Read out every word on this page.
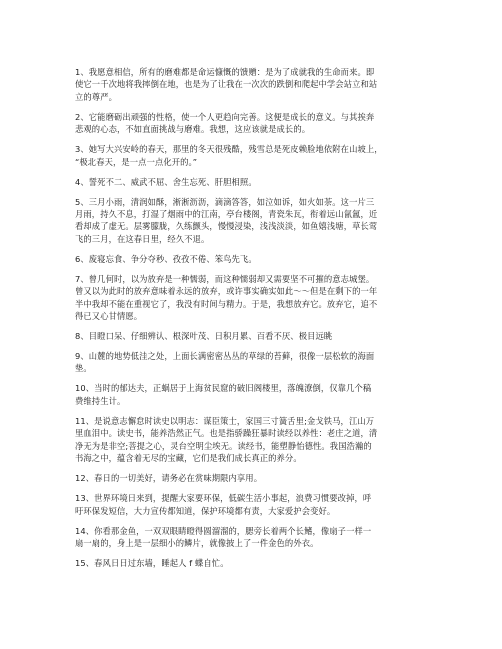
1、我愿意相信，所有的磨难都是命运慷慨的馈赠：是为了成就我的生命而来。即
使它一千次地将我摔倒在地，也是为了让我在一次次的跌倒和爬起中学会站立和站
立的尊严。

2、它能磨砺出顽强的性格，使一个人更趋向完善。这便是成长的意义。与其挨奔
悲观的心态，不如直面挑战与磨难。我想，这应该就是成长的。

3、她写大兴安岭的春天，那里的冬天很残酷，残雪总是死皮赖脸地依附在山坡上，
“极北春天，是一点一点化开的。”

4、誓死不二、威武不屈、舍生忘死、肝胆相照。

5、三月小雨，清润如酥，淅淅沥沥，滴滴答答，如泣如诉，如火如荼。这一片三
月雨，持久不息，打湿了烟雨中的江南，亭台楼阁，青瓷朱瓦，衔着远山氤氲，近
看却成了虚无。层雾朦胧，久练颤头，慢慢浸染，浅浅淡淡，如鱼嬉浅塘，草长莺
飞的三月，在这春日里，经久不退。

6、废寝忘食、争分夺秒、孜孜不倦、笨鸟先飞。

7、曾几何时，以为放弃是一种懦弱，而这种懦弱却又需要坚不可摧的意志城堡。
曾又以为此时的放弃意味着永远的放弃，或许事实确实如此～～但是在剩下的一年
半中我却不能在重视它了，我没有时间与精力。于是，我想放弃它。放弃它，追不
得已又心甘情愿。

8、目瞪口呆、仔细辨认、根深叶茂、日积月累、百看不厌、极目远眺

9、山麓的地势低洼之处，上面长满密密丛丛的草绿的苔藓，很像一层松软的海面
垫。

10、当时的郁达夫，正蜗居于上海贫民窟的破旧阁楼里，落魄潦倒，仅靠几个稿
费维持生计。

11、是说意志懈怠时读史以明志：谋臣策士，家国三寸簧舌里;金戈铁马，江山万
里血泪中。读史书，能养浩然正气。也是指骄躁狂暴时读经以养性：老庄之道，清
净无为是非空;菩提之心，灵台空明尘埃无。读经书，能塑静怡德性。我国浩瀚的
书海之中，蕴含着无尽的宝藏，它们是我们成长真正的养分。

12、春日的一切美好，请务必在赏味期限内享用。

13、世界环境日来到，提醒大家要环保，低碳生活小事起，浪费习惯要改掉，呼
吁环保发短信，大力宣传都知道，保护环境都有责，大家爱护会变好。

14、你看那金鱼，一双双眼睛瞪得圆溜溜的，腮旁长着两个长鳍，像扇子一样一
扇一扇的，身上是一层细小的鳞片，就像披上了一件金色的外衣。

15、春风日日过东墙，睡起人 f 蝶自忙。
